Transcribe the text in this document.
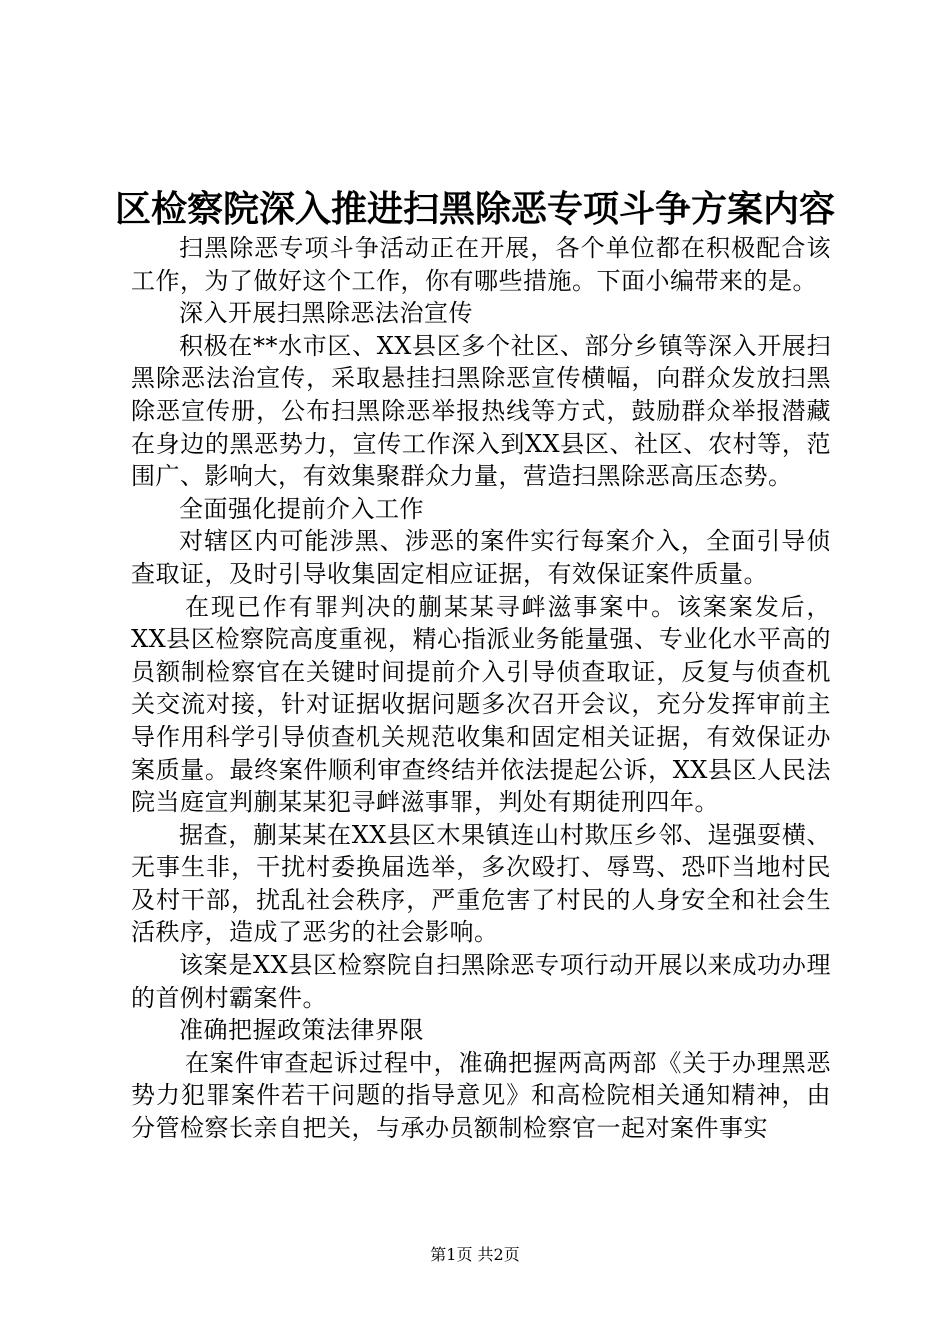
区检察院深入推进扫黑除恶专项斗争方案内容

扫黑除恶专项斗争活动正在开展，各个单位都在积极配合该工作，为了做好这个工作，你有哪些措施。下面小编带来的是。

深入开展扫黑除恶法治宣传

积极在**水市区、XX县区多个社区、部分乡镇等深入开展扫黑除恶法治宣传，采取悬挂扫黑除恶宣传横幅，向群众发放扫黑除恶宣传册，公布扫黑除恶举报热线等方式，鼓励群众举报潜藏在身边的黑恶势力，宣传工作深入到XX县区、社区、农村等，范围广、影响大，有效集聚群众力量，营造扫黑除恶高压态势。

全面强化提前介入工作

对辖区内可能涉黑、涉恶的案件实行每案介入，全面引导侦查取证，及时引导收集固定相应证据，有效保证案件质量。

在现已作有罪判决的蒯某某寻衅滋事案中。该案案发后，XX县区检察院高度重视，精心指派业务能量强、专业化水平高的员额制检察官在关键时间提前介入引导侦查取证，反复与侦查机关交流对接，针对证据收据问题多次召开会议，充分发挥审前主导作用科学引导侦查机关规范收集和固定相关证据，有效保证办案质量。最终案件顺利审查终结并依法提起公诉，XX县区人民法院当庭宣判蒯某某犯寻衅滋事罪，判处有期徒刑四年。

据查，蒯某某在XX县区木果镇连山村欺压乡邻、逞强耍横、无事生非，干扰村委换届选举，多次殴打、辱骂、恐吓当地村民及村干部，扰乱社会秩序，严重危害了村民的人身安全和社会生活秩序，造成了恶劣的社会影响。

该案是XX县区检察院自扫黑除恶专项行动开展以来成功办理的首例村霸案件。

准确把握政策法律界限

在案件审查起诉过程中，准确把握两高两部《关于办理黑恶势力犯罪案件若干问题的指导意见》和高检院相关通知精神，由分管检察长亲自把关，与承办员额制检察官一起对案件事实

第1页 共2页
